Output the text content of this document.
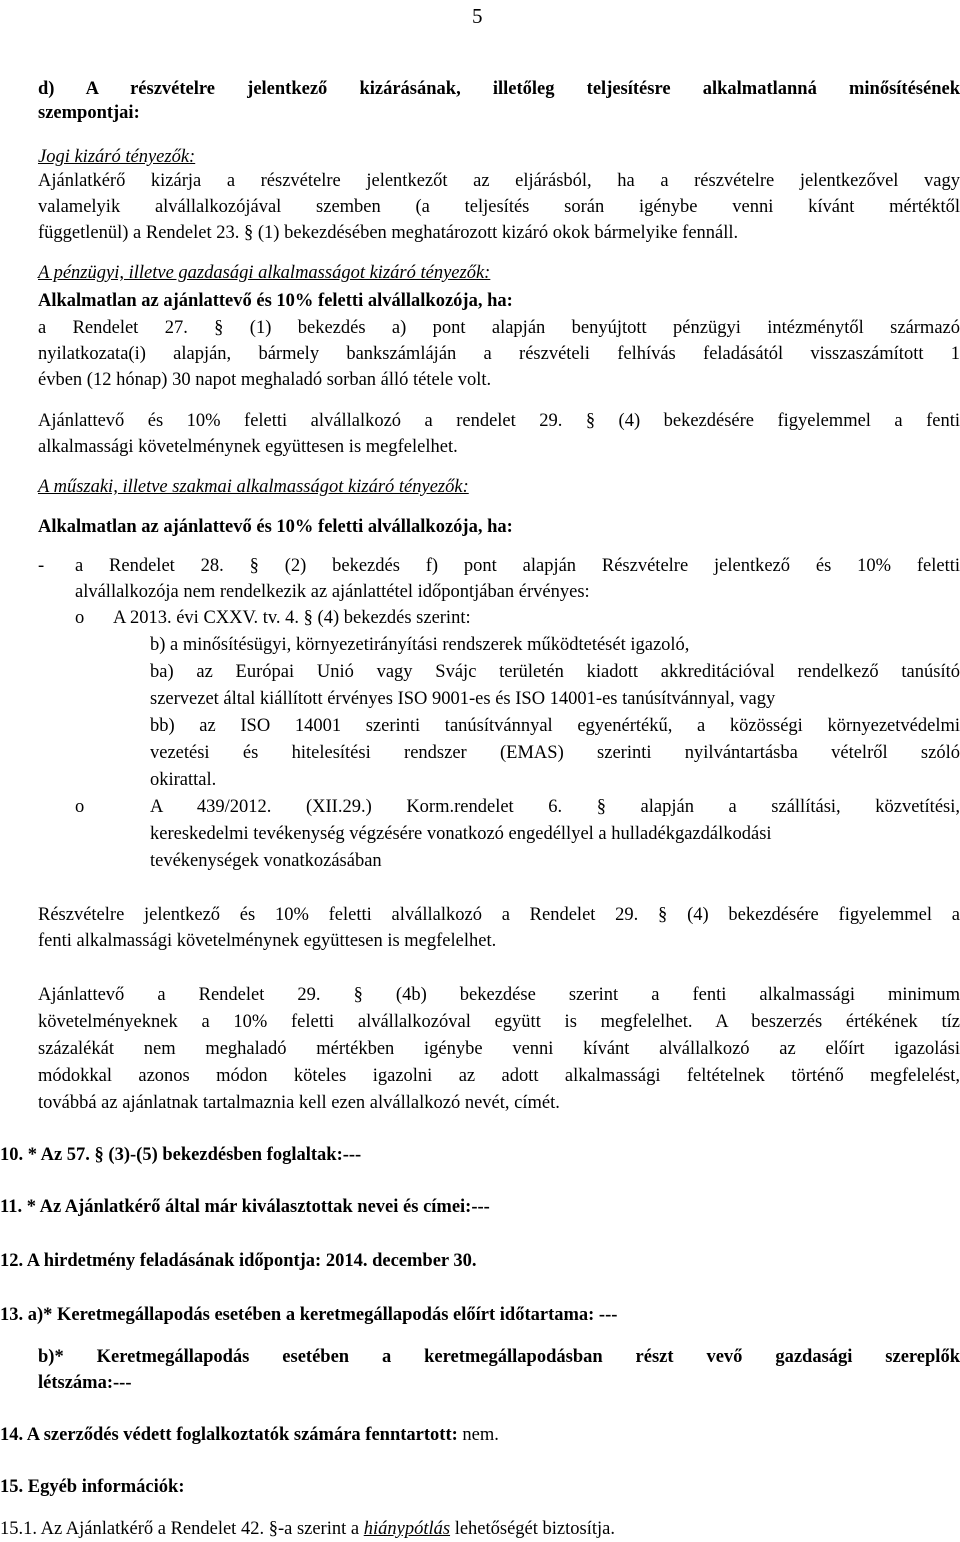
5
d) A részvételre jelentkező kizárásának, illetőleg teljesítésre alkalmatlanná minősítésének
szempontjai:
Jogi kizáró tényezők:
Ajánlatkérő kizárja a részvételre jelentkezőt az eljárásból, ha a részvételre jelentkezővel vagy
valamelyik alvállalkozójával szemben (a teljesítés során igénybe venni kívánt mértéktől
függetlenül) a Rendelet 23. § (1) bekezdésében meghatározott kizáró okok bármelyike fennáll.
A pénzügyi, illetve gazdasági alkalmasságot kizáró tényezők:
Alkalmatlan az ajánlattevő és 10% feletti alvállalkozója, ha:
a Rendelet 27. § (1) bekezdés a) pont alapján benyújtott pénzügyi intézménytől származó
nyilatkozata(i) alapján, bármely bankszámláján a részvételi felhívás feladásától visszaszámított 1
évben (12 hónap) 30 napot meghaladó sorban álló tétele volt.
Ajánlattevő és 10% feletti alvállalkozó a rendelet 29. § (4) bekezdésére figyelemmel a fenti
alkalmassági követelménynek együttesen is megfelelhet.
A műszaki, illetve szakmai alkalmasságot kizáró tényezők:
Alkalmatlan az ajánlattevő és 10% feletti alvállalkozója, ha:
- a Rendelet 28. § (2) bekezdés f) pont alapján Részvételre jelentkező és 10% feletti
alvállalkozója nem rendelkezik az ajánlattétel időpontjában érvényes:
o A 2013. évi CXXV. tv. 4. § (4) bekezdés szerint:
b) a minősítésügyi, környezetirányítási rendszerek működtetését igazoló,
ba) az Európai Unió vagy Svájc területén kiadott akkreditációval rendelkező tanúsító
szervezet által kiállított érvényes ISO 9001-es és ISO 14001-es tanúsítvánnyal, vagy
bb) az ISO 14001 szerinti tanúsítvánnyal egyenértékű, a közösségi környezetvédelmi
vezetési és hitelesítési rendszer (EMAS) szerinti nyilvántartásba vételről szóló
okirattal.
o	A 439/2012. (XII.29.) Korm.rendelet 6. § alapján a szállítási, közvetítési,
kereskedelmi tevékenység végzésére vonatkozó engedéllyel a hulladékgazdálkodási
tevékenységek vonatkozásában
Részvételre jelentkező és 10% feletti alvállalkozó a Rendelet 29. § (4) bekezdésére figyelemmel a
fenti alkalmassági követelménynek együttesen is megfelelhet.
Ajánlattevő a Rendelet 29. § (4b) bekezdése szerint a fenti alkalmassági minimum
követelményeknek a 10% feletti alvállalkozóval együtt is megfelelhet. A beszerzés értékének tíz
százalékát nem meghaladó mértékben igénybe venni kívánt alvállalkozó az előírt igazolási
módokkal azonos módon köteles igazolni az adott alkalmassági feltételnek történő megfelelést,
továbbá az ajánlatnak tartalmaznia kell ezen alvállalkozó nevét, címét.
10. * Az 57. § (3)-(5) bekezdésben foglaltak:---
11. * Az Ajánlatkérő által már kiválasztottak nevei és címei:---
12. A hirdetmény feladásának időpontja: 2014. december 30.
13. a)* Keretmegállapodás esetében a keretmegállapodás előírt időtartama: ---
b)* Keretmegállapodás esetében a keretmegállapodásban részt vevő gazdasági szereplők
létszáma:---
14. A szerződés védett foglalkoztatók számára fenntartott: nem.
15. Egyéb információk:
15.1. Az Ajánlatkérő a Rendelet 42. §-a szerint a hiánypótlás lehetőségét biztosítja.
